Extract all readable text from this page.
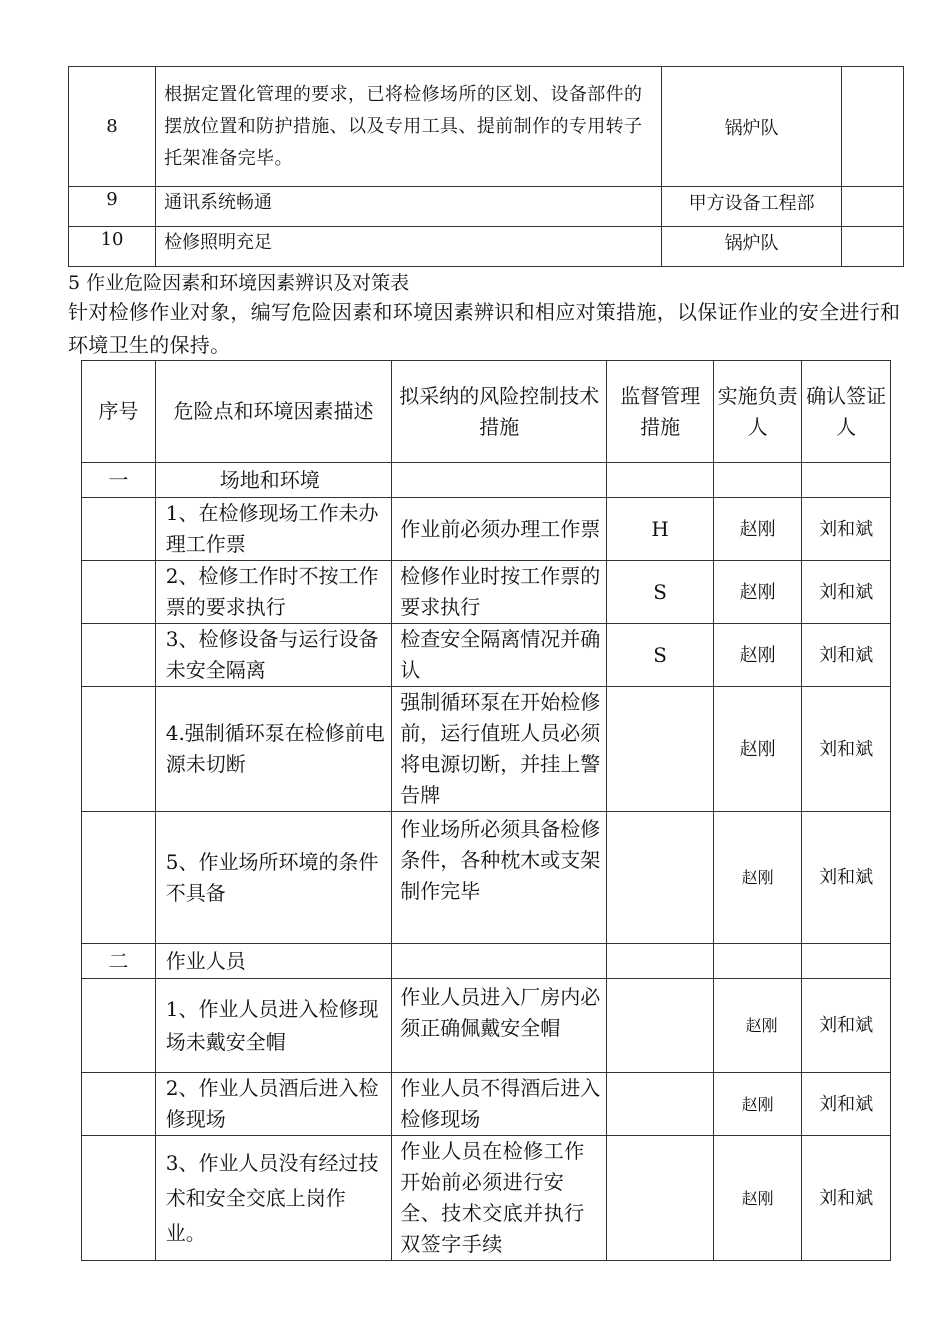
8	根据定置化管理的要求，已将检修场所的区划、设备部件的摆放位置和防护措施、以及专用工具、提前制作的专用转子托架准备完毕。	锅炉队	
9	通讯系统畅通	甲方设备工程部	
10	检修照明充足	锅炉队	
5 作业危险因素和环境因素辨识及对策表
针对检修作业对象，编写危险因素和环境因素辨识和相应对策措施，以保证作业的安全进行和环境卫生的保持。
序号	危险点和环境因素描述	拟采纳的风险控制技术措施	监督管理措施	实施负责人	确认签证人
一	场地和环境				
	1、在检修现场工作未办理工作票	作业前必须办理工作票	H	赵刚	刘和斌
	2、检修工作时不按工作票的要求执行	检修作业时按工作票的要求执行	S	赵刚	刘和斌
	3、检修设备与运行设备未安全隔离	检查安全隔离情况并确认	S	赵刚	刘和斌
	4.强制循环泵在检修前电源未切断	强制循环泵在开始检修前，运行值班人员必须将电源切断，并挂上警告牌		赵刚	刘和斌
	5、作业场所环境的条件不具备	作业场所必须具备检修条件，各种枕木或支架制作完毕		赵刚	刘和斌
二	作业人员				
	1、作业人员进入检修现场未戴安全帽	作业人员进入厂房内必须正确佩戴安全帽		赵刚	刘和斌
	2、作业人员酒后进入检修现场	作业人员不得酒后进入检修现场		赵刚	刘和斌
	3、作业人员没有经过技术和安全交底上岗作业。	作业人员在检修工作开始前必须进行安全、技术交底并执行双签字手续		赵刚	刘和斌
